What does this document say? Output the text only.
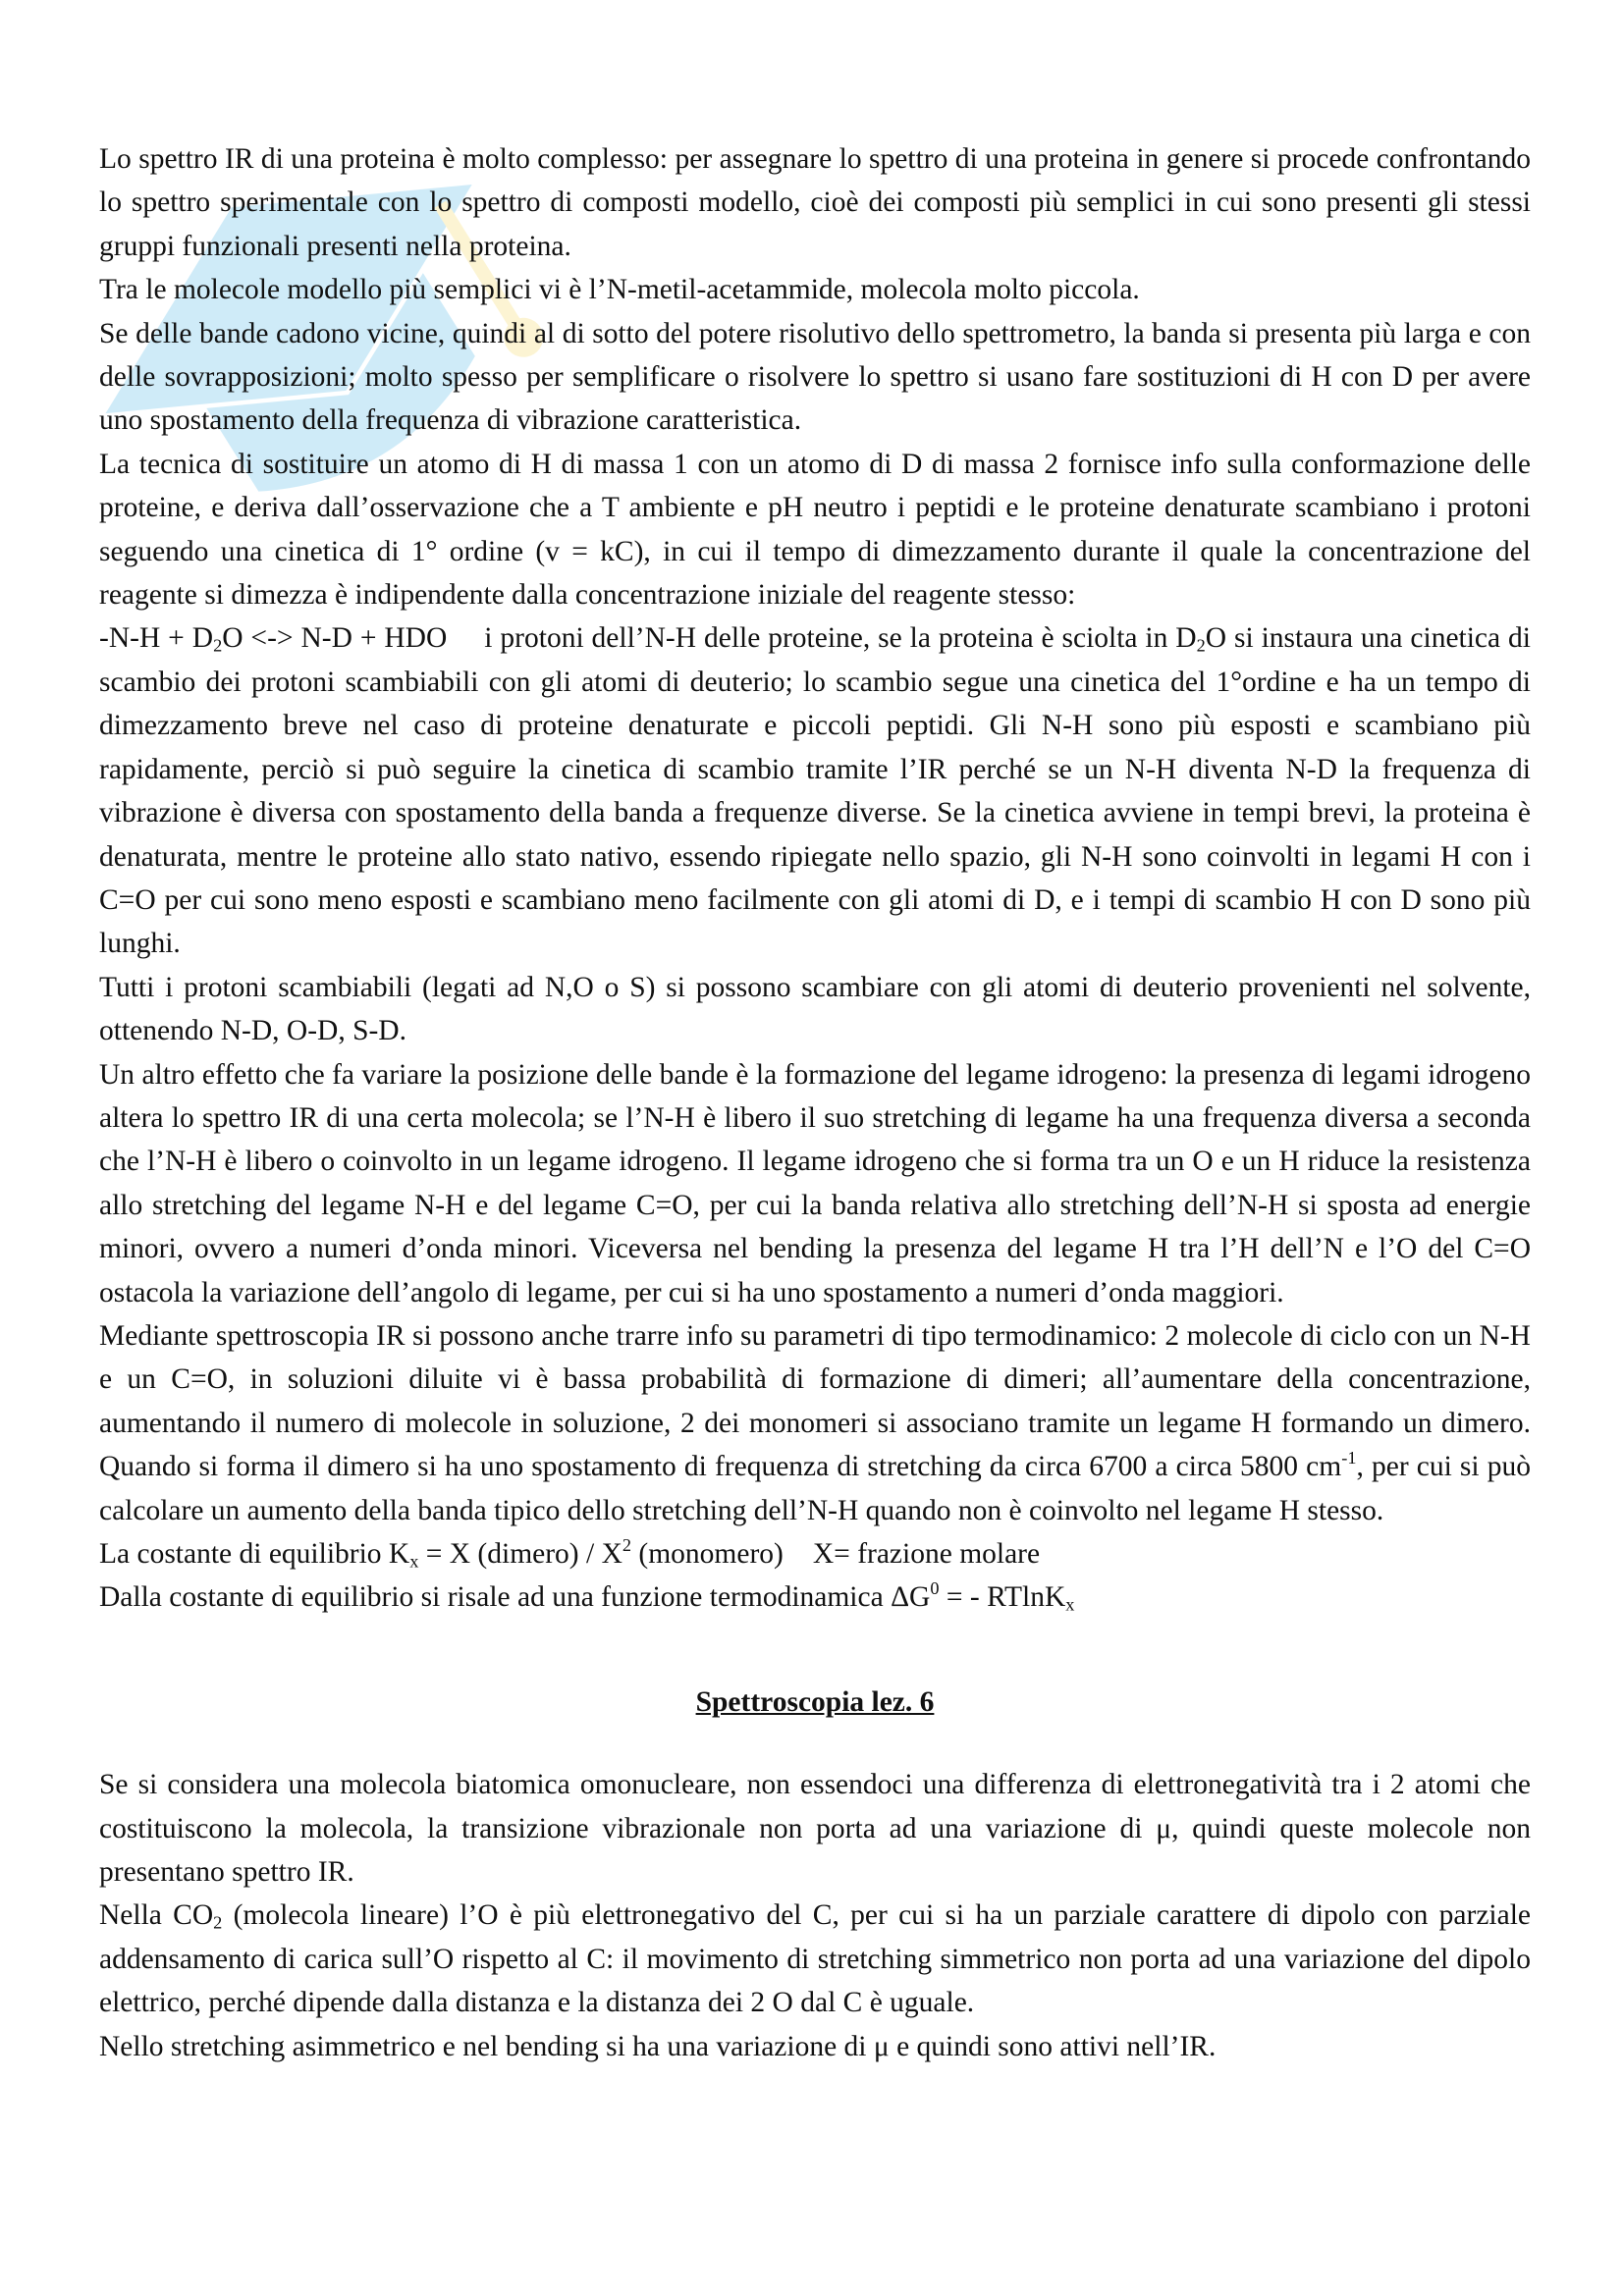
Lo spettro IR di una proteina è molto complesso: per assegnare lo spettro di una proteina in genere si procede confrontando lo spettro sperimentale con lo spettro di composti modello, cioè dei composti più semplici in cui sono presenti gli stessi gruppi funzionali presenti nella proteina.

Tra le molecole modello più semplici vi è l’N-metil-acetammide, molecola molto piccola.

Se delle bande cadono vicine, quindi al di sotto del potere risolutivo dello spettrometro, la banda si presenta più larga e con delle sovrapposizioni; molto spesso per semplificare o risolvere lo spettro si usano fare sostituzioni di H con D per avere uno spostamento della frequenza di vibrazione caratteristica.

La tecnica di sostituire un atomo di H di massa 1 con un atomo di D di massa 2 fornisce info sulla conformazione delle proteine, e deriva dall’osservazione che a T ambiente e pH neutro i peptidi e le proteine denaturate scambiano i protoni seguendo una cinetica di 1° ordine (v = kC), in cui il tempo di dimezzamento durante il quale la concentrazione del reagente si dimezza è indipendente dalla concentrazione iniziale del reagente stesso:

$-N-H + D_2O$ <-> N-D + HDO i protoni dell’N-H delle proteine, se la proteina è sciolta in $D_2O$ si instaura una cinetica di scambio dei protoni scambiabili con gli atomi di deuterio; lo scambio segue una cinetica del 1°ordine e ha un tempo di dimezzamento breve nel caso di proteine denaturate e piccoli peptidi. Gli N-H sono più esposti e scambiano più rapidamente, perciò si può seguire la cinetica di scambio tramite l’IR perché se un N-H diventa N-D la frequenza di vibrazione è diversa con spostamento della banda a frequenze diverse. Se la cinetica avviene in tempi brevi, la proteina è denaturata, mentre le proteine allo stato nativo, essendo ripiegate nello spazio, gli N-H sono coinvolti in legami H con i C=O per cui sono meno esposti e scambiano meno facilmente con gli atomi di D, e i tempi di scambio H con D sono più lunghi.

Tutti i protoni scambiabili (legati ad N,O o S) si possono scambiare con gli atomi di deuterio provenienti nel solvente, ottenendo N-D, O-D, S-D.

Un altro effetto che fa variare la posizione delle bande è la formazione del legame idrogeno: la presenza di legami idrogeno altera lo spettro IR di una certa molecola; se l’N-H è libero il suo stretching di legame ha una frequenza diversa a seconda che l’N-H è libero o coinvolto in un legame idrogeno. Il legame idrogeno che si forma tra un O e un H riduce la resistenza allo stretching del legame N-H e del legame C=O, per cui la banda relativa allo stretching dell’N-H si sposta ad energie minori, ovvero a numeri d’onda minori. Viceversa nel bending la presenza del legame H tra l’H dell’N e l’O del C=O ostacola la variazione dell’angolo di legame, per cui si ha uno spostamento a numeri d’onda maggiori.

Mediante spettroscopia IR si possono anche trarre info su parametri di tipo termodinamico: 2 molecole di ciclo con un N-H e un C=O, in soluzioni diluite vi è bassa probabilità di formazione di dimeri; all’aumentare della concentrazione, aumentando il numero di molecole in soluzione, 2 dei monomeri si associano tramite un legame H formando un dimero. Quando si forma il dimero si ha uno spostamento di frequenza di stretching da circa 6700 a circa 5800 $cm^{-1}$, per cui si può calcolare un aumento della banda tipico dello stretching dell’N-H quando non è coinvolto nel legame H stesso.

La costante di equilibrio $K_x = X$ (dimero) / $X^2$ (monomero) X= frazione molare

Dalla costante di equilibrio si risale ad una funzione termodinamica $\Delta G^0$ = - RTlnK$_x$

Spettroscopia lez. 6

Se si considera una molecola biatomica omonucleare, non essendoci una differenza di elettronegatività tra i 2 atomi che costituiscono la molecola, la transizione vibrazionale non porta ad una variazione di μ, quindi queste molecole non presentano spettro IR.

Nella $CO_2$ (molecola lineare) l’O è più elettronegativo del C, per cui si ha un parziale carattere di dipolo con parziale addensamento di carica sull’O rispetto al C: il movimento di stretching simmetrico non porta ad una variazione del dipolo elettrico, perché dipende dalla distanza e la distanza dei 2 O dal C è uguale.

Nello stretching asimmetrico e nel bending si ha una variazione di μ e quindi sono attivi nell’IR.
